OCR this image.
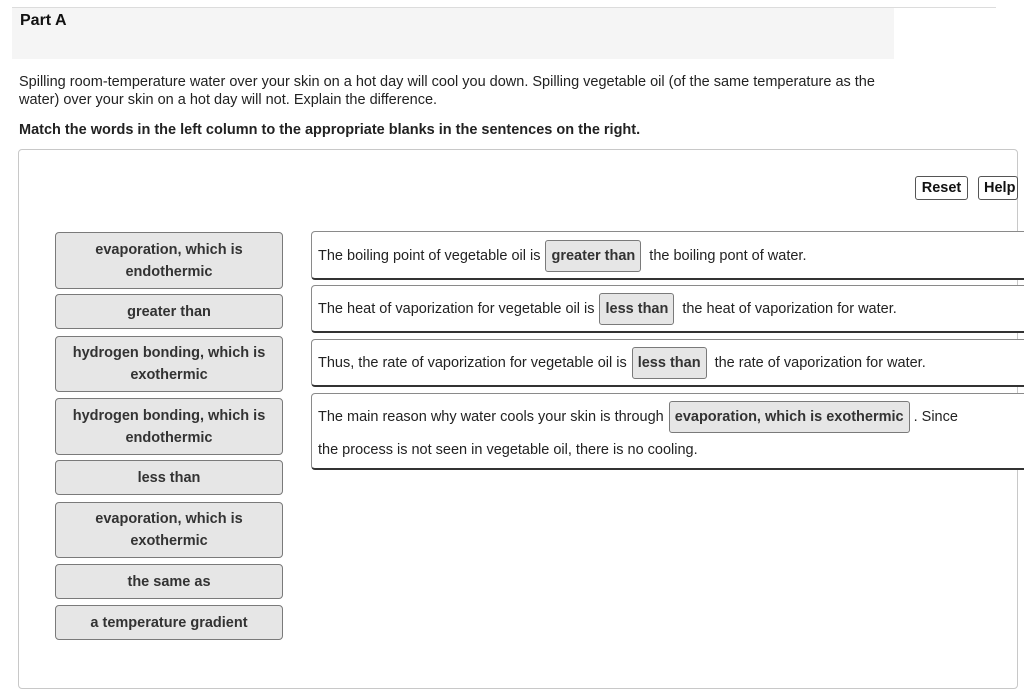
Part A
Spilling room-temperature water over your skin on a hot day will cool you down. Spilling vegetable oil (of the same temperature as the water) over your skin on a hot day will not. Explain the difference.
Match the words in the left column to the appropriate blanks in the sentences on the right.
Reset	Help
evaporation, which is endothermic
greater than
hydrogen bonding, which is exothermic
hydrogen bonding, which is endothermic
less than
evaporation, which is exothermic
the same as
a temperature gradient
The boiling point of vegetable oil is greater than the boiling pont of water.
The heat of vaporization for vegetable oil is less than the heat of vaporization for water.
Thus, the rate of vaporization for vegetable oil is less than the rate of vaporization for water.
The main reason why water cools your skin is through evaporation, which is exothermic . Since
the process is not seen in vegetable oil, there is no cooling.
